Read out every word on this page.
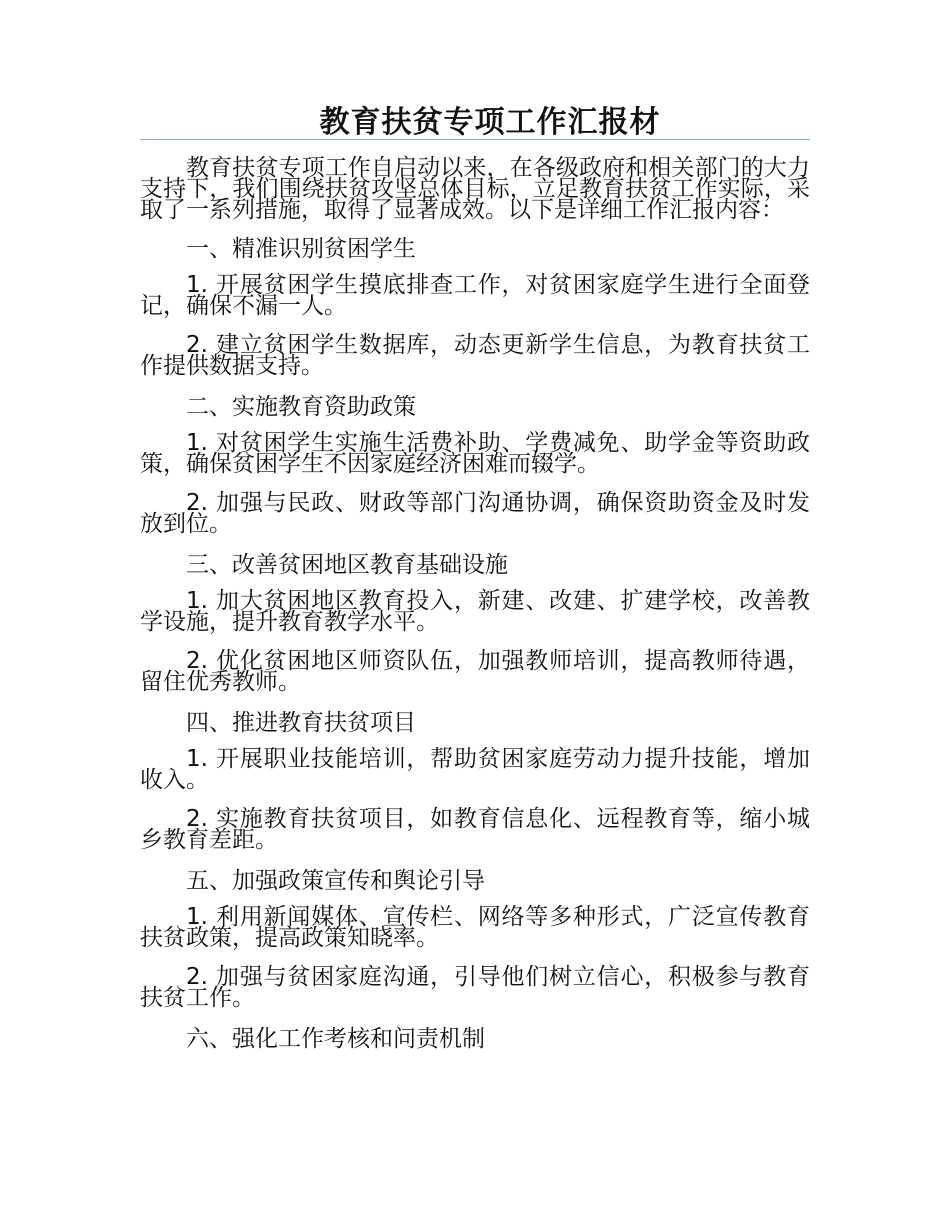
教育扶贫专项工作汇报材

教育扶贫专项工作自启动以来，在各级政府和相关部门的大力支持下，我们围绕扶贫攻坚总体目标，立足教育扶贫工作实际，采取了一系列措施，取得了显著成效。以下是详细工作汇报内容：

一、精准识别贫困学生

1. 开展贫困学生摸底排查工作，对贫困家庭学生进行全面登记，确保不漏一人。

2. 建立贫困学生数据库，动态更新学生信息，为教育扶贫工作提供数据支持。

二、实施教育资助政策

1. 对贫困学生实施生活费补助、学费减免、助学金等资助政策，确保贫困学生不因家庭经济困难而辍学。

2. 加强与民政、财政等部门沟通协调，确保资助资金及时发放到位。

三、改善贫困地区教育基础设施

1. 加大贫困地区教育投入，新建、改建、扩建学校，改善教学设施，提升教育教学水平。

2. 优化贫困地区师资队伍，加强教师培训，提高教师待遇，留住优秀教师。

四、推进教育扶贫项目

1. 开展职业技能培训，帮助贫困家庭劳动力提升技能，增加收入。

2. 实施教育扶贫项目，如教育信息化、远程教育等，缩小城乡教育差距。

五、加强政策宣传和舆论引导

1. 利用新闻媒体、宣传栏、网络等多种形式，广泛宣传教育扶贫政策，提高政策知晓率。

2. 加强与贫困家庭沟通，引导他们树立信心，积极参与教育扶贫工作。

六、强化工作考核和问责机制
